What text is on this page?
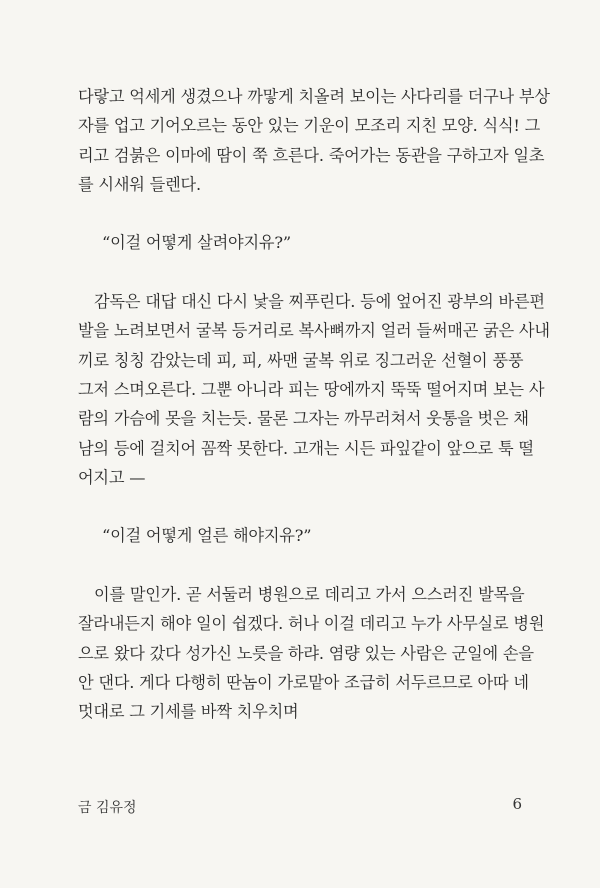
다랗고 억세게 생겼으나 까맣게 치올려 보이는 사다리를 더구나 부상
자를 업고 기어오르는 동안 있는 기운이 모조리 지친 모양. 식식! 그
리고 검붉은 이마에 땀이 쭉 흐른다. 죽어가는 동관을 구하고자 일초
를 시새워 들렌다.
“이걸 어떻게 살려야지유?”
감독은 대답 대신 다시 낯을 찌푸린다. 등에 엎어진 광부의 바른편
발을 노려보면서 굴복 등거리로 복사뼈까지 얼러 들써매곤 굵은 사내
끼로 칭칭 감았는데 피, 피, 싸맨 굴복 위로 징그러운 선혈이 풍풍
그저 스며오른다. 그뿐 아니라 피는 땅에까지 뚝뚝 떨어지며 보는 사
람의 가슴에 못을 치는듯. 물론 그자는 까무러쳐서 웃통을 벗은 채
남의 등에 걸치어 꼼짝 못한다. 고개는 시든 파잎같이 앞으로 툭 떨
어지고 —
“이걸 어떻게 얼른 해야지유?”
이를 말인가. 곧 서둘러 병원으로 데리고 가서 으스러진 발목을
잘라내든지 해야 일이 쉽겠다. 허나 이걸 데리고 누가 사무실로 병원
으로 왔다 갔다 성가신 노릇을 하랴. 염량 있는 사람은 군일에 손을
안 댄다. 게다 다행히 딴놈이 가로맡아 조급히 서두르므로 아따 네
멋대로 그 기세를 바짝 치우치며
금 김유정	6
